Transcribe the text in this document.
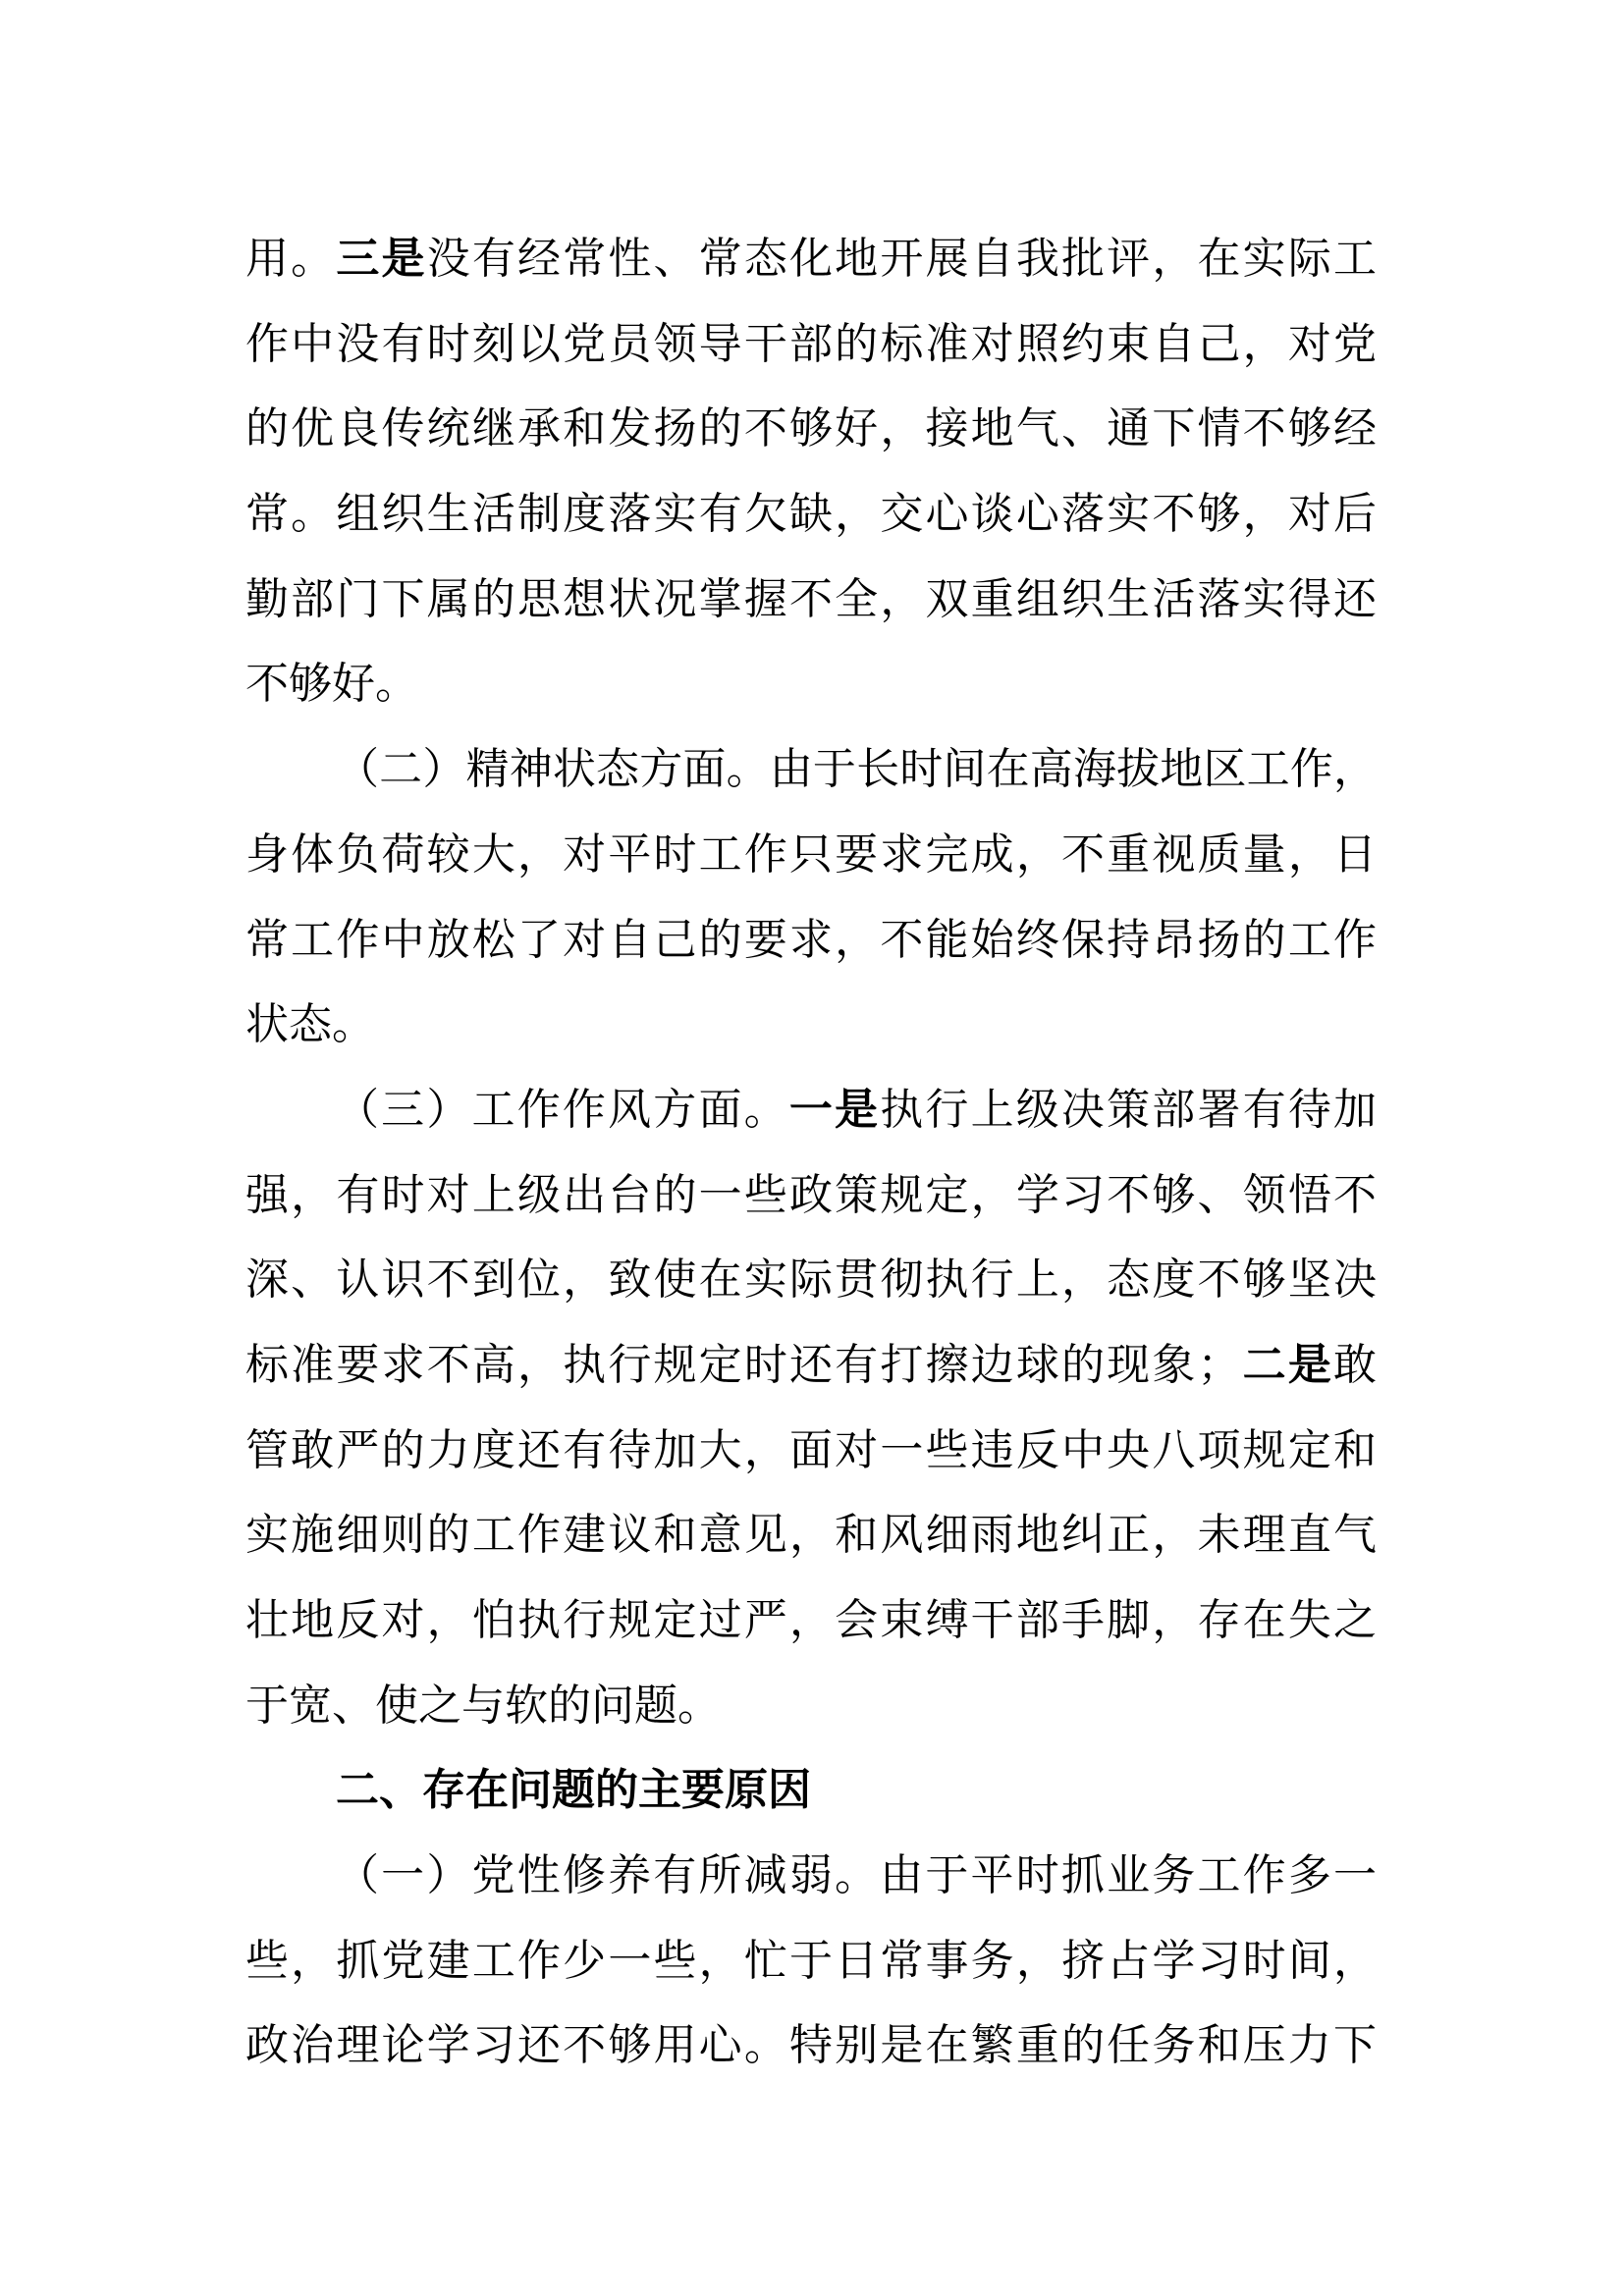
用。三是没有经常性、常态化地开展自我批评，在实际工
作中没有时刻以党员领导干部的标准对照约束自己，对党
的优良传统继承和发扬的不够好，接地气、通下情不够经
常。组织生活制度落实有欠缺，交心谈心落实不够，对后
勤部门下属的思想状况掌握不全，双重组织生活落实得还
不够好。
（二）精神状态方面。由于长时间在高海拔地区工作，
身体负荷较大，对平时工作只要求完成，不重视质量，日
常工作中放松了对自己的要求，不能始终保持昂扬的工作
状态。
（三）工作作风方面。一是执行上级决策部署有待加
强，有时对上级出台的一些政策规定，学习不够、领悟不
深、认识不到位，致使在实际贯彻执行上，态度不够坚决
标准要求不高，执行规定时还有打擦边球的现象；二是敢
管敢严的力度还有待加大，面对一些违反中央八项规定和
实施细则的工作建议和意见，和风细雨地纠正，未理直气
壮地反对，怕执行规定过严，会束缚干部手脚，存在失之
于宽、使之与软的问题。
二、存在问题的主要原因
（一）党性修养有所减弱。由于平时抓业务工作多一
些，抓党建工作少一些，忙于日常事务，挤占学习时间，
政治理论学习还不够用心。特别是在繁重的任务和压力下
